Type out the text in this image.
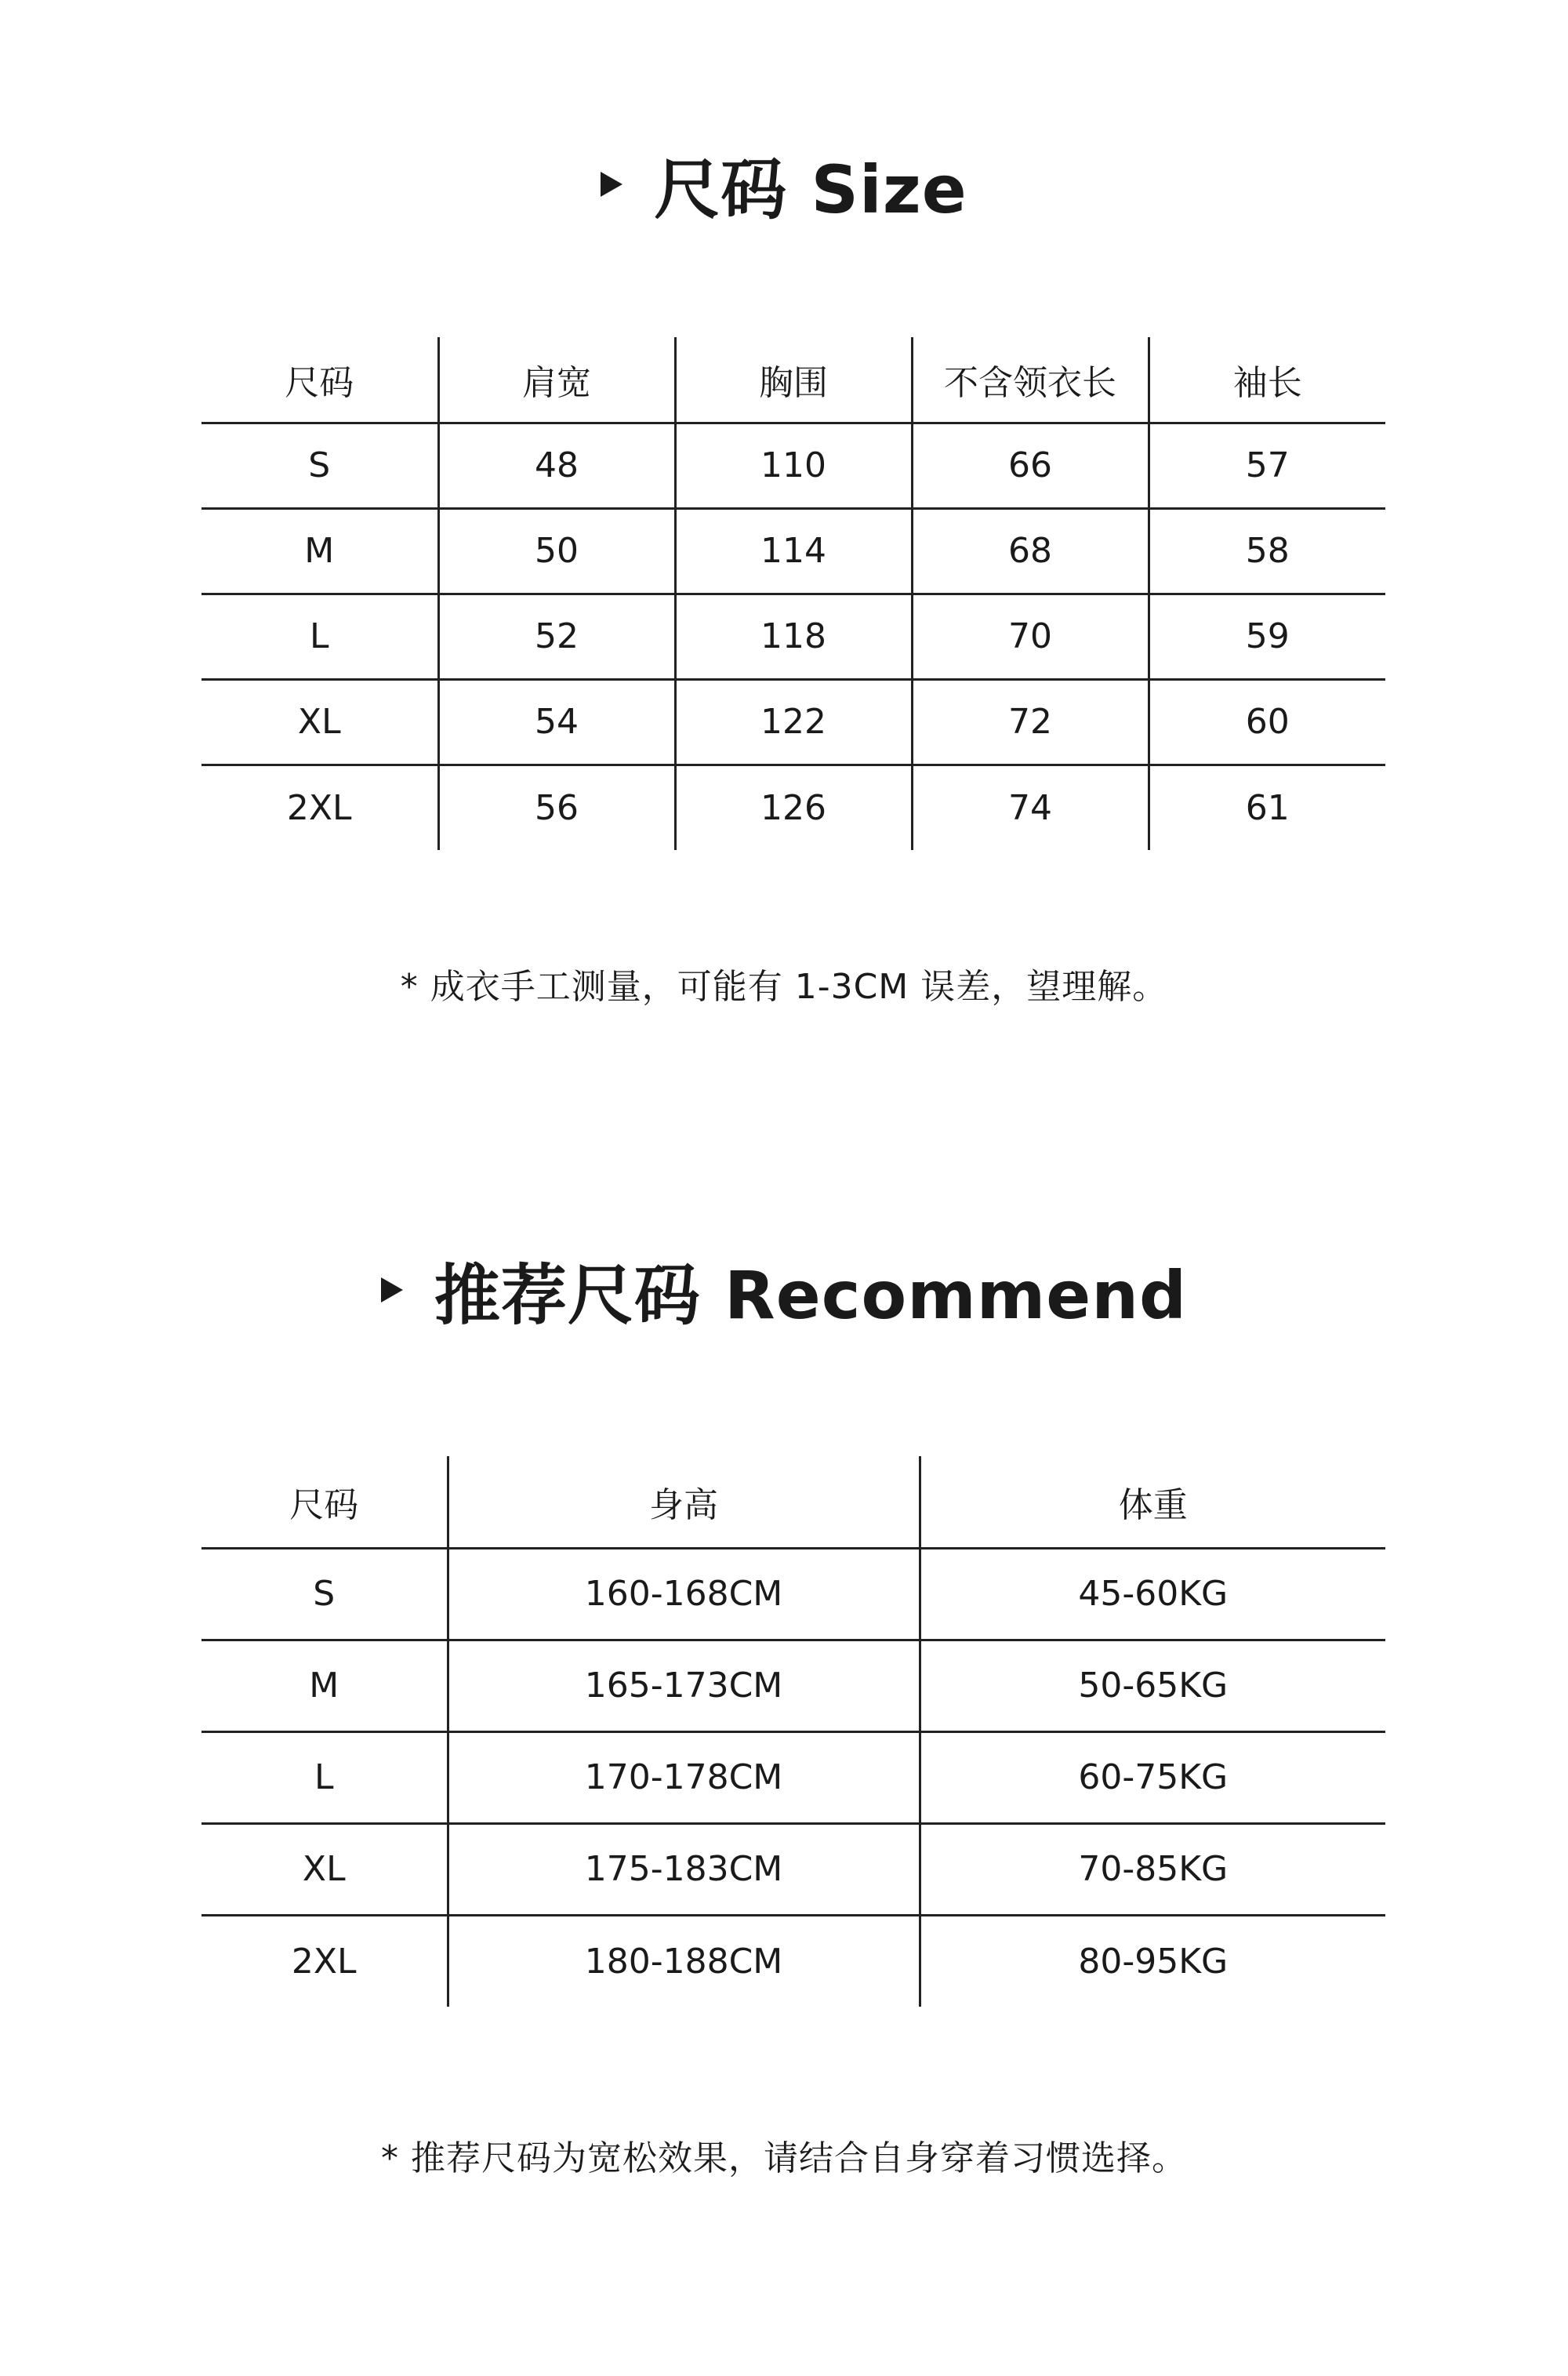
尺码 Size
尺码	肩宽	胸围	不含领衣长	袖长
S	48	110	66	57
M	50	114	68	58
L	52	118	70	59
XL	54	122	72	60
2XL	56	126	74	61
* 成衣手工测量，可能有 1-3CM 误差，望理解。
推荐尺码 Recommend
尺码	身高	体重
S	160-168CM	45-60KG
M	165-173CM	50-65KG
L	170-178CM	60-75KG
XL	175-183CM	70-85KG
2XL	180-188CM	80-95KG
* 推荐尺码为宽松效果，请结合自身穿着习惯选择。
